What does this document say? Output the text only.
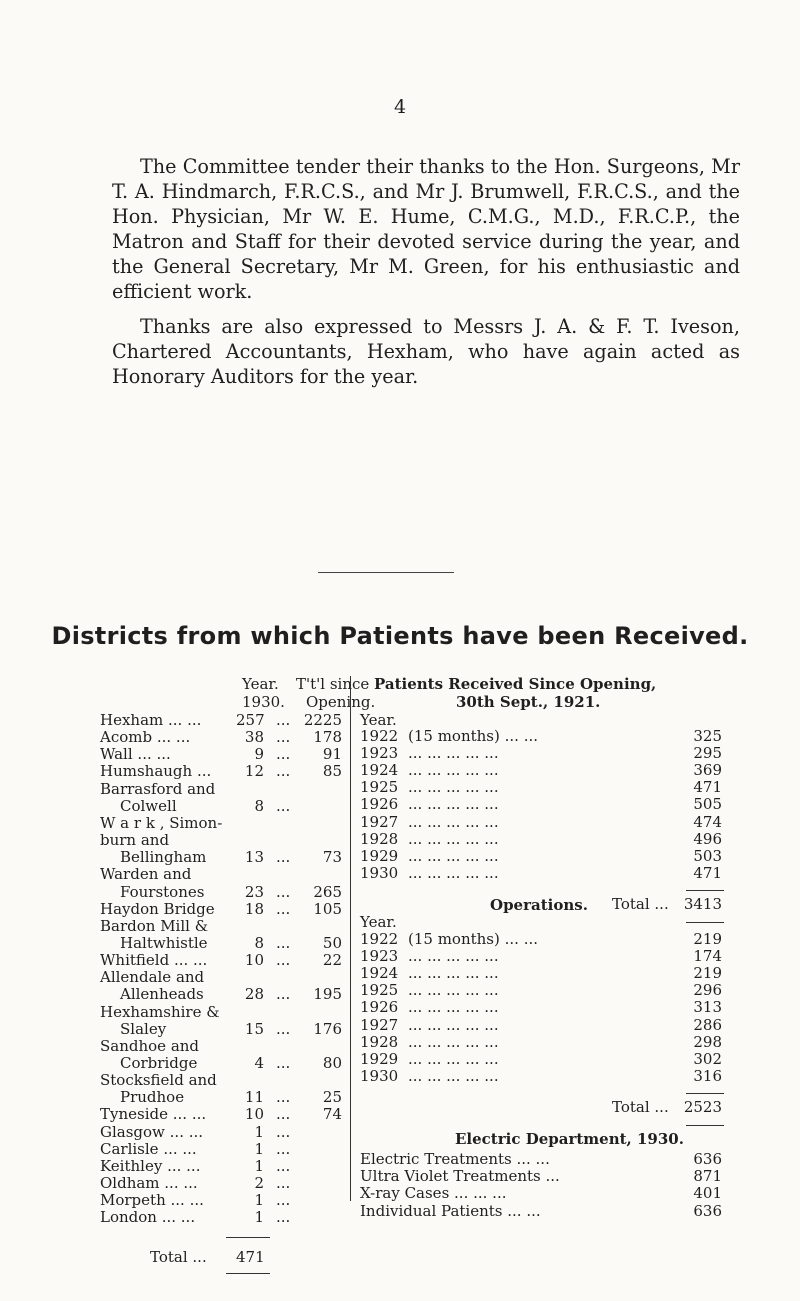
4
The Committee tender their thanks to the Hon. Surgeons, Mr T. A. Hindmarch, F.R.C.S., and Mr J. Brumwell, F.R.C.S., and the Hon. Physician, Mr W. E. Hume, C.M.G., M.D., F.R.C.P., the Matron and Staff for their devoted service during the year, and the General Secretary, Mr M. Green, for his enthusiastic and efficient work.
Thanks are also expressed to Messrs J. A. & F. T. Iveson, Chartered Accountants, Hexham, who have again acted as Honorary Auditors for the year.
Districts from which Patients have been Received.
Year.
1930.
T't'l since
Opening.
Hexham ... ... 257 ... 2225
Acomb ... ...	38 ...	178
Wall ... ...	9 ...	91
Humshaugh ...	12 ...	85
Barrasford and
Colwell	8 ...
W a r k , Simon-
burn and
Bellingham	13 ...	73
Warden and
Fourstones	23 ...	265
Haydon Bridge	18 ...	105
Bardon Mill &
Haltwhistle	8 ...	50
Whitfield ... ...	10 ...	22
Allendale and
Allenheads	28 ...	195
Hexhamshire &
Slaley	15 ...	176
Sandhoe and
Corbridge	4 ...	80
Stocksfield and
Prudhoe	11 ...	25
Tyneside ... ...	10 ...	74
Glasgow ... ...	1 ...
Carlisle ... ...	1 ...
Keithley ... ...	1 ...
Oldham ... ...	2 ...
Morpeth ... ...	1 ...
London ... ...	1 ...
Total ... 471
Patients Received Since Opening,
30th Sept., 1921.
Year.
1922 (15 months) ... ...	325
1923 ... ... ... ... ...	295
1924 ... ... ... ... ...	369
1925 ... ... ... ... ...	471
1926 ... ... ... ... ...	505
1927 ... ... ... ... ...	474
1928 ... ... ... ... ...	496
1929 ... ... ... ... ...	503
1930 ... ... ... ... ...	471
Total ...	3413
Operations.
Year.
1922 (15 months) ... ...	219
1923 ... ... ... ... ...	174
1924 ... ... ... ... ...	219
1925 ... ... ... ... ...	296
1926 ... ... ... ... ...	313
1927 ... ... ... ... ...	286
1928 ... ... ... ... ...	298
1929 ... ... ... ... ...	302
1930 ... ... ... ... ...	316
Total ...	2523
Electric Department, 1930.
Electric Treatments ... ...	636
Ultra Violet Treatments ...	871
X-ray Cases ... ... ...	401
Individual Patients ... ...	636
